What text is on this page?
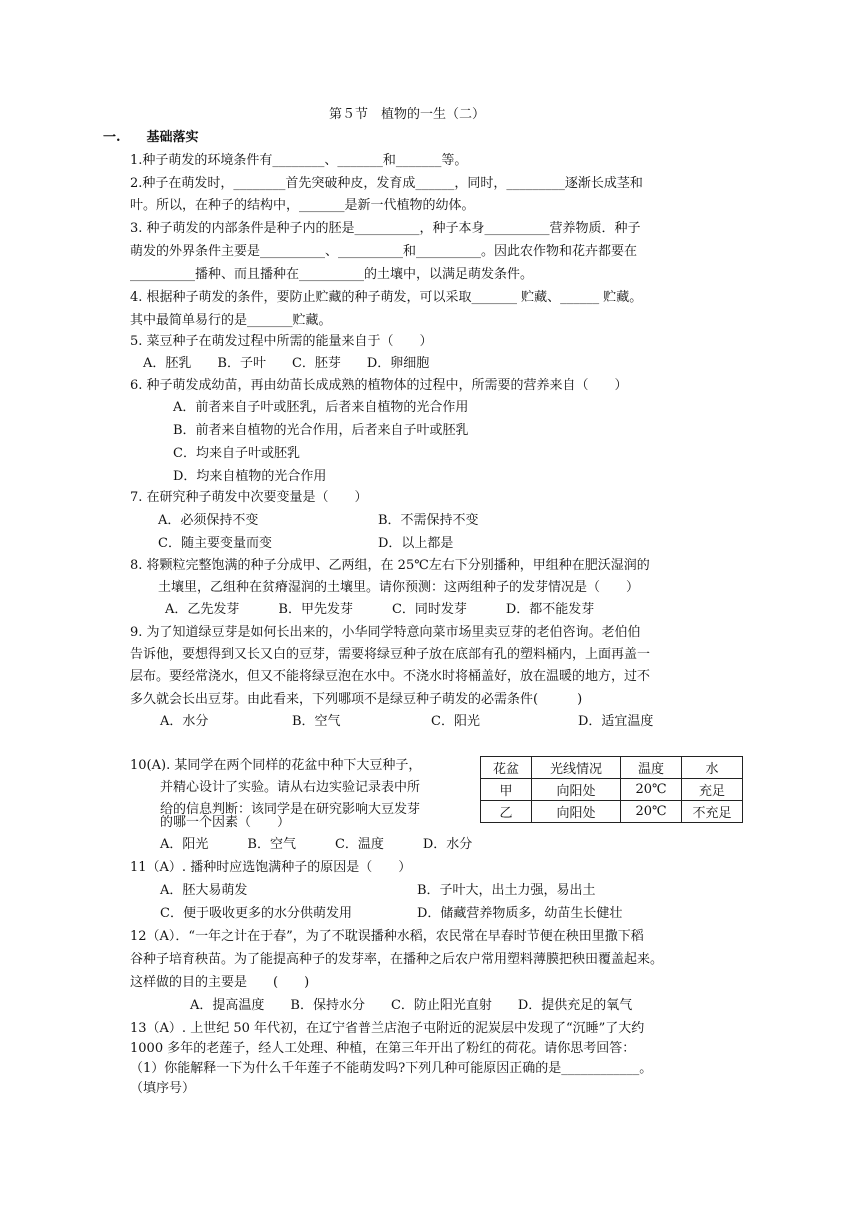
第５节　植物的一生（二）
一.　　基础落实
1.种子萌发的环境条件有________、_______和_______等。
2.种子在萌发时，________首先突破种皮，发育成______，同时，_________逐渐长成茎和
叶。所以，在种子的结构中，_______是新一代植物的幼体。
3. 种子萌发的内部条件是种子内的胚是__________，种子本身__________营养物质．种子
萌发的外界条件主要是__________、__________和__________。因此农作物和花卉都要在
__________播种、而且播种在__________的土壤中，以满足萌发条件。
4. 根据种子萌发的条件，要防止贮藏的种子萌发，可以采取_______ 贮藏、______ 贮藏。
其中最简单易行的是_______贮藏。
5. 菜豆种子在萌发过程中所需的能量来自于（　　）
A．胚乳　　B．子叶　　C．胚芽　　D．卵细胞
6. 种子萌发成幼苗，再由幼苗长成成熟的植物体的过程中，所需要的营养来自（　　）
A．前者来自子叶或胚乳，后者来自植物的光合作用
B．前者来自植物的光合作用，后者来自子叶或胚乳
C．均来自子叶或胚乳
D．均来自植物的光合作用
7. 在研究种子萌发中次要变量是（　　）
A．必须保持不变	B．不需保持不变
C．随主要变量而变	D．以上都是
8. 将颗粒完整饱满的种子分成甲、乙两组，在 25℃左右下分别播种，甲组种在肥沃湿润的
土壤里，乙组种在贫瘠湿润的土壤里。请你预测：这两组种子的发芽情况是（　　）
A．乙先发芽　　　B．甲先发芽　　　C．同时发芽　　　D．都不能发芽
9. 为了知道绿豆芽是如何长出来的，小华同学特意向菜市场里卖豆芽的老伯咨询。老伯伯
告诉他，要想得到又长又白的豆芽，需要将绿豆种子放在底部有孔的塑料桶内，上面再盖一
层布。要经常浇水，但又不能将绿豆泡在水中。不浇水时将桶盖好，放在温暖的地方，过不
多久就会长出豆芽。由此看来，下列哪项不是绿豆种子萌发的必需条件(　　　)
A．水分	B．空气	C．阳光	D．适宜温度
10(A). 某同学在两个同样的花盆中种下大豆种子，
并精心设计了实验。请从右边实验记录表中所
给的信息判断：该同学是在研究影响大豆发芽
的哪一个因素（　　）
A．阳光　　　B．空气　　　C．温度　　　D．水分
花盆	光线情况	温度	水
甲	向阳处	20℃	充足
乙	向阳处	20℃	不充足
11（A）. 播种时应选饱满种子的原因是（　　）
A．胚大易萌发	B．子叶大，出土力强，易出土
C．便于吸收更多的水分供萌发用	D．储藏营养物质多，幼苗生长健壮
12（A）．“一年之计在于春”，为了不耽误播种水稻，农民常在早春时节便在秧田里撒下稻
谷种子培育秧苗。为了能提高种子的发芽率，在播种之后农户常用塑料薄膜把秧田覆盖起来。
这样做的目的主要是　　(　　)
A．提高温度　　B．保持水分　　C．防止阳光直射　　D．提供充足的氧气
13（A）. 上世纪 50 年代初，在辽宁省普兰店泡子屯附近的泥炭层中发现了“沉睡”了大约
1000 多年的老莲子，经人工处理、种植，在第三年开出了粉红的荷花。请你思考回答：
（1）你能解释一下为什么千年莲子不能萌发吗?下列几种可能原因正确的是____________。
（填序号）
